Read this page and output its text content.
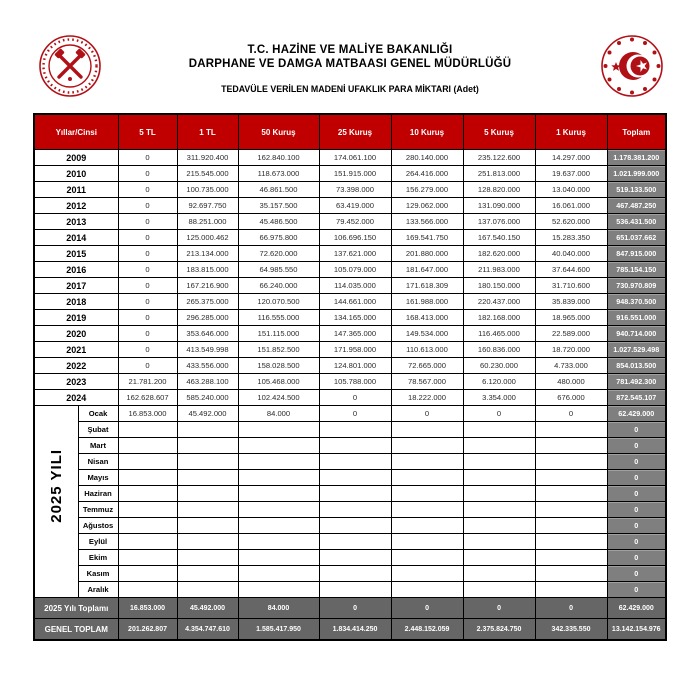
T.C. HAZİNE VE MALİYE BAKANLIĞI
DARPHANE VE DAMGA MATBAASI GENEL MÜDÜRLÜĞÜ
TEDAVÜLE VERİLEN MADENİ UFAKLIK PARA MİKTARI (Adet)
Yıllar/Cinsi		5 TL	1 TL	50 Kuruş	25 Kuruş	10 Kuruş	5 Kuruş	1 Kuruş	Toplam
2009		0	311.920.400	162.840.100	174.061.100	280.140.000	235.122.600	14.297.000	1.178.381.200
2010		0	215.545.000	118.673.000	151.915.000	264.416.000	251.813.000	19.637.000	1.021.999.000
2011		0	100.735.000	46.861.500	73.398.000	156.279.000	128.820.000	13.040.000	519.133.500
2012		0	92.697.750	35.157.500	63.419.000	129.062.000	131.090.000	16.061.000	467.487.250
2013		0	88.251.000	45.486.500	79.452.000	133.566.000	137.076.000	52.620.000	536.431.500
2014		0	125.000.462	66.975.800	106.696.150	169.541.750	167.540.150	15.283.350	651.037.662
2015		0	213.134.000	72.620.000	137.621.000	201.880.000	182.620.000	40.040.000	847.915.000
2016		0	183.815.000	64.985.550	105.079.000	181.647.000	211.983.000	37.644.600	785.154.150
2017		0	167.216.900	66.240.000	114.035.000	171.618.309	180.150.000	31.710.600	730.970.809
2018		0	265.375.000	120.070.500	144.661.000	161.988.000	220.437.000	35.839.000	948.370.500
2019		0	296.285.000	116.555.000	134.165.000	168.413.000	182.168.000	18.965.000	916.551.000
2020		0	353.646.000	151.115.000	147.365.000	149.534.000	116.465.000	22.589.000	940.714.000
2021		0	413.549.998	151.852.500	171.958.000	110.613.000	160.836.000	18.720.000	1.027.529.498
2022		0	433.556.000	158.028.500	124.801.000	72.665.000	60.230.000	4.733.000	854.013.500
2023		21.781.200	463.288.100	105.468.000	105.788.000	78.567.000	6.120.000	480.000	781.492.300
2024		162.628.607	585.240.000	102.424.500	0	18.222.000	3.354.000	676.000	872.545.107

2025 YILI	Ocak	16.853.000	45.492.000	84.000	0	0	0	0	62.429.000
	Şubat								0
	Mart								0
	Nisan								0
	Mayıs								0
	Haziran								0
	Temmuz								0
	Ağustos								0
	Eylül								0
	Ekim								0
	Kasım								0
	Aralık								0
2025 Yılı Toplamı		16.853.000	45.492.000	84.000	0	0	0	0	62.429.000
GENEL TOPLAM		201.262.807	4.354.747.610	1.585.417.950	1.834.414.250	2.448.152.059	2.375.824.750	342.335.550	13.142.154.976
